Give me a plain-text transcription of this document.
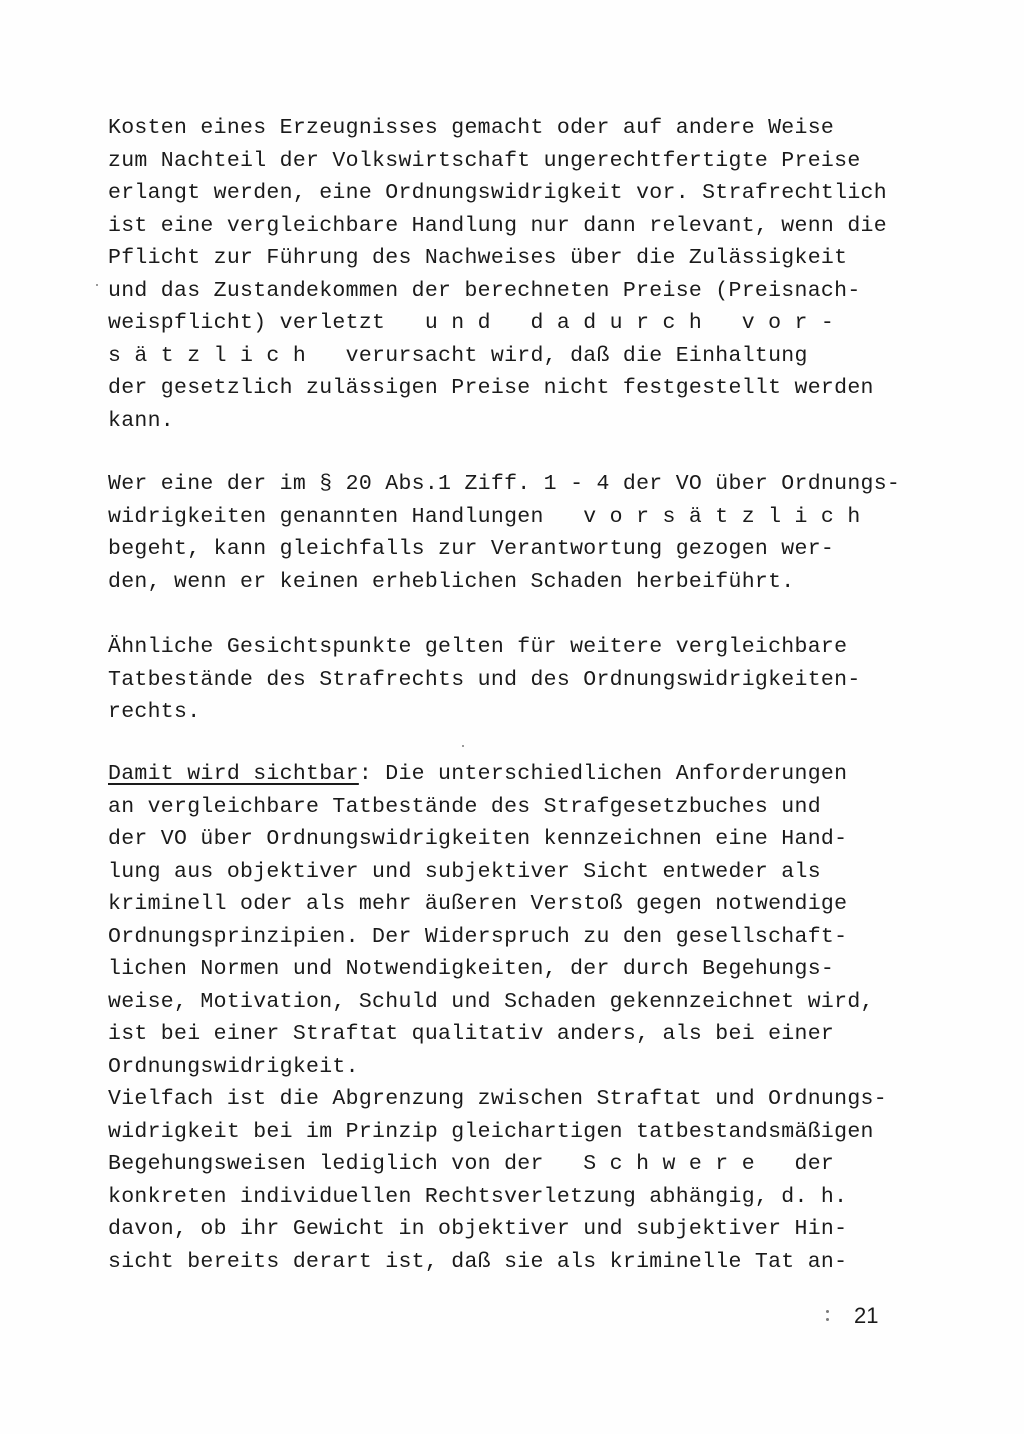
Kosten eines Erzeugnisses gemacht oder auf andere Weise
zum Nachteil der Volkswirtschaft ungerechtfertigte Preise
erlangt werden, eine Ordnungswidrigkeit vor. Strafrechtlich
ist eine vergleichbare Handlung nur dann relevant, wenn die
Pflicht zur Führung des Nachweises über die Zulässigkeit
und das Zustandekommen der berechneten Preise (Preisnach-
weispflicht) verletzt   u n d   d a d u r c h   v o r -
s ä t z l i c h   verursacht wird, daß die Einhaltung
der gesetzlich zulässigen Preise nicht festgestellt werden
kann.
Wer eine der im § 20 Abs.1 Ziff. 1 - 4 der VO über Ordnungs-
widrigkeiten genannten Handlungen   v o r s ä t z l i c h
begeht, kann gleichfalls zur Verantwortung gezogen wer-
den, wenn er keinen erheblichen Schaden herbeiführt.
Ähnliche Gesichtspunkte gelten für weitere vergleichbare
Tatbestände des Strafrechts und des Ordnungswidrigkeiten-
rechts.
Damit wird sichtbar: Die unterschiedlichen Anforderungen
an vergleichbare Tatbestände des Strafgesetzbuches und
der VO über Ordnungswidrigkeiten kennzeichnen eine Hand-
lung aus objektiver und subjektiver Sicht entweder als
kriminell oder als mehr äußeren Verstoß gegen notwendige
Ordnungsprinzipien. Der Widerspruch zu den gesellschaft-
lichen Normen und Notwendigkeiten, der durch Begehungs-
weise, Motivation, Schuld und Schaden gekennzeichnet wird,
ist bei einer Straftat qualitativ anders, als bei einer
Ordnungswidrigkeit.
Vielfach ist die Abgrenzung zwischen Straftat und Ordnungs-
widrigkeit bei im Prinzip gleichartigen tatbestandsmäßigen
Begehungsweisen lediglich von der   S c h w e r e   der
konkreten individuellen Rechtsverletzung abhängig, d. h.
davon, ob ihr Gewicht in objektiver und subjektiver Hin-
sicht bereits derart ist, daß sie als kriminelle Tat an-
21
